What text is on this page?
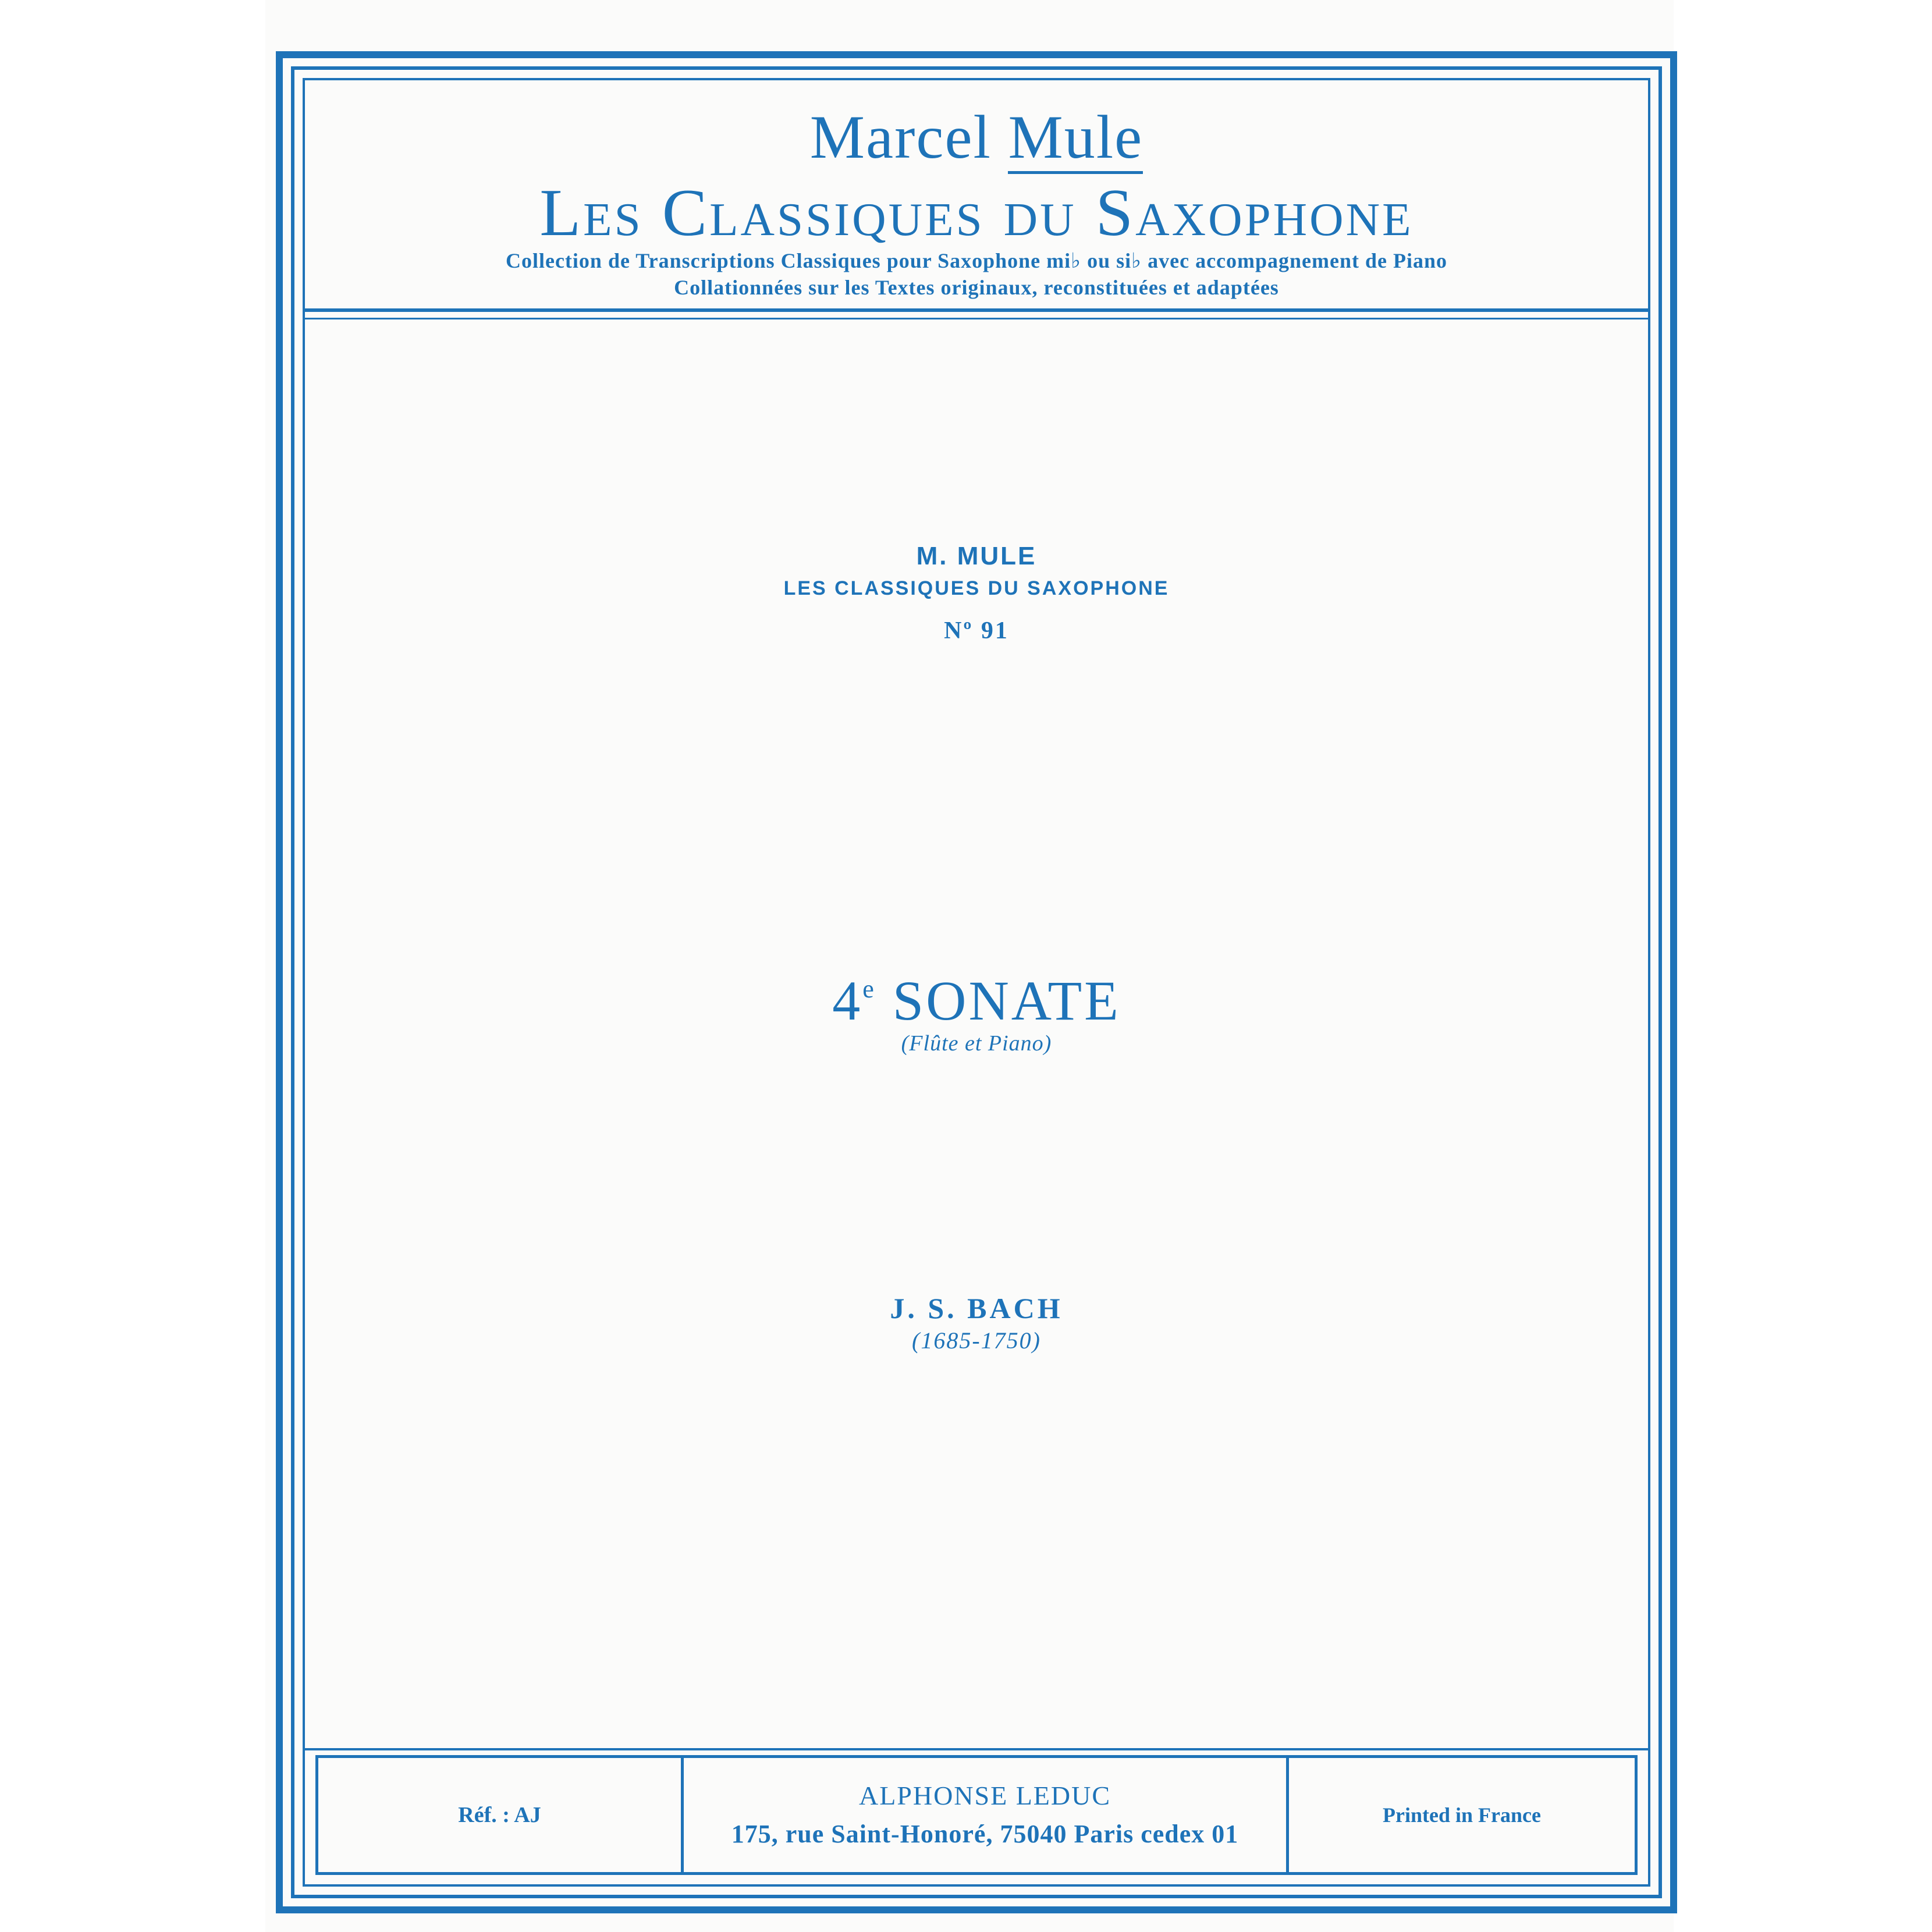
Marcel Mule
Les Classiques du Saxophone
Collection de Transcriptions Classiques pour Saxophone mi♭ ou si♭ avec accompagnement de Piano
Collationnées sur les Textes originaux, reconstituées et adaptées
M. MULE
LES CLASSIQUES DU SAXOPHONE
Nº 91
4e SONATE
(Flûte et Piano)
J. S. BACH
(1685-1750)
Réf. : AJ
ALPHONSE LEDUC
175, rue Saint-Honoré, 75040 Paris cedex 01
Printed in France
